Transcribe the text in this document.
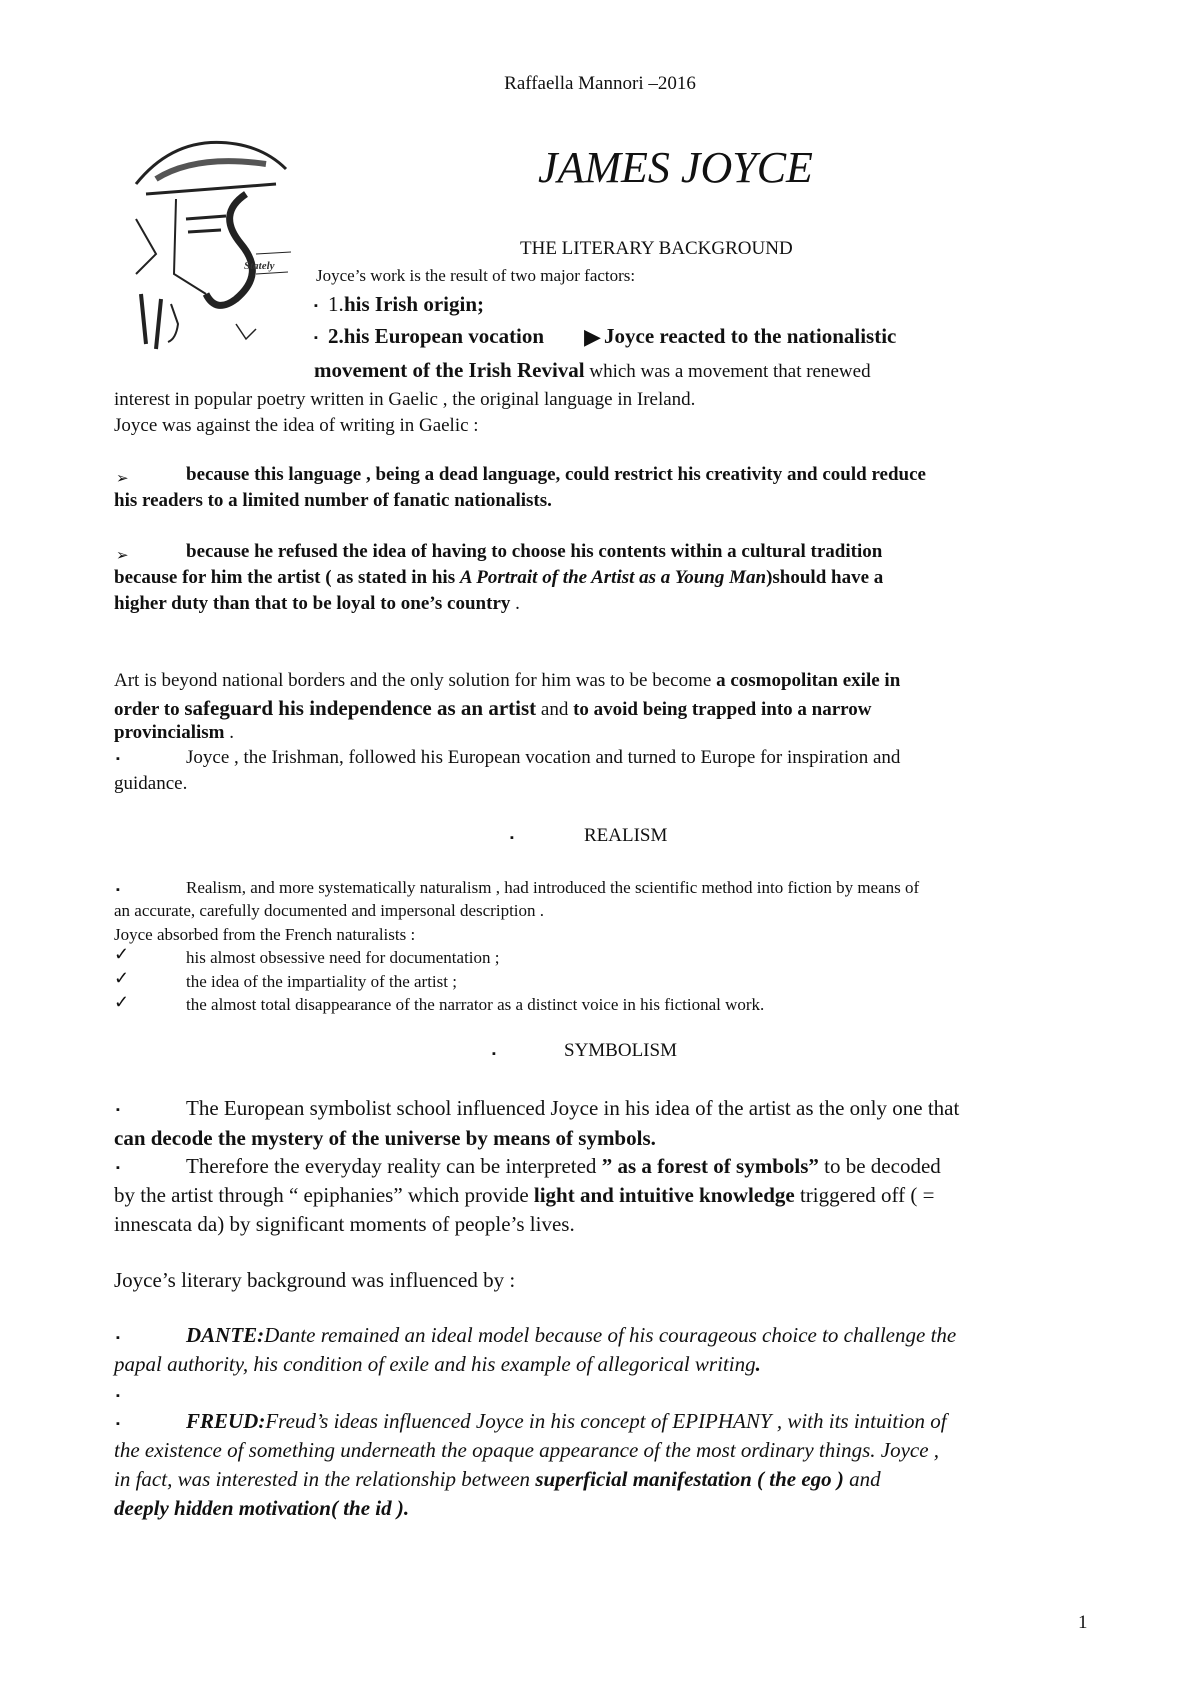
Raffaella Mannori –2016
Stately
JAMES JOYCE
THE LITERARY BACKGROUND
Joyce’s work is the result of two major factors:
▪ 1. his Irish origin;
▪ 2.his European vocation ▶ Joyce reacted to the nationalistic
movement of the Irish Revival which was a movement that renewed
interest in popular poetry written in Gaelic , the original language in Ireland.
Joyce was against the idea of writing in Gaelic :
➢	because this language , being a dead language, could restrict his creativity and could reduce
his readers to a limited number of fanatic nationalists.
➢	because he refused the idea of having to choose his contents within a cultural tradition
because for him the artist ( as stated in his A Portrait of the Artist as a Young Man)should have a
higher duty than that to be loyal to one’s country .
Art is beyond national borders and the only solution for him was to be become a cosmopolitan exile in
order to safeguard his independence as an artist and to avoid being trapped into a narrow
provincialism .
▪	Joyce , the Irishman, followed his European vocation and turned to Europe for inspiration and
guidance.
▪	REALISM
▪	Realism, and more systematically naturalism , had introduced the scientific method into fiction by means of
an accurate, carefully documented and impersonal description .
Joyce absorbed from the French naturalists :
✓	his almost obsessive need for documentation ;
✓	the idea of the impartiality of the artist ;
✓	the almost total disappearance of the narrator as a distinct voice in his fictional work.
▪	SYMBOLISM
▪	The European symbolist school influenced Joyce in his idea of the artist as the only one that
can decode the mystery of the universe by means of symbols.
▪	Therefore the everyday reality can be interpreted ” as a forest of symbols” to be decoded
by the artist through “ epiphanies” which provide light and intuitive knowledge triggered off ( =
innescata da) by significant moments of people’s lives.
Joyce’s literary background was influenced by :
▪	DANTE:Dante remained an ideal model because of his courageous choice to challenge the
papal authority, his condition of exile and his example of allegorical writing.
▪
▪	FREUD:Freud’s ideas influenced Joyce in his concept of EPIPHANY , with its intuition of
the existence of something underneath the opaque appearance of the most ordinary things. Joyce ,
in fact, was interested in the relationship between superficial manifestation ( the ego ) and
deeply hidden motivation( the id ).
1
